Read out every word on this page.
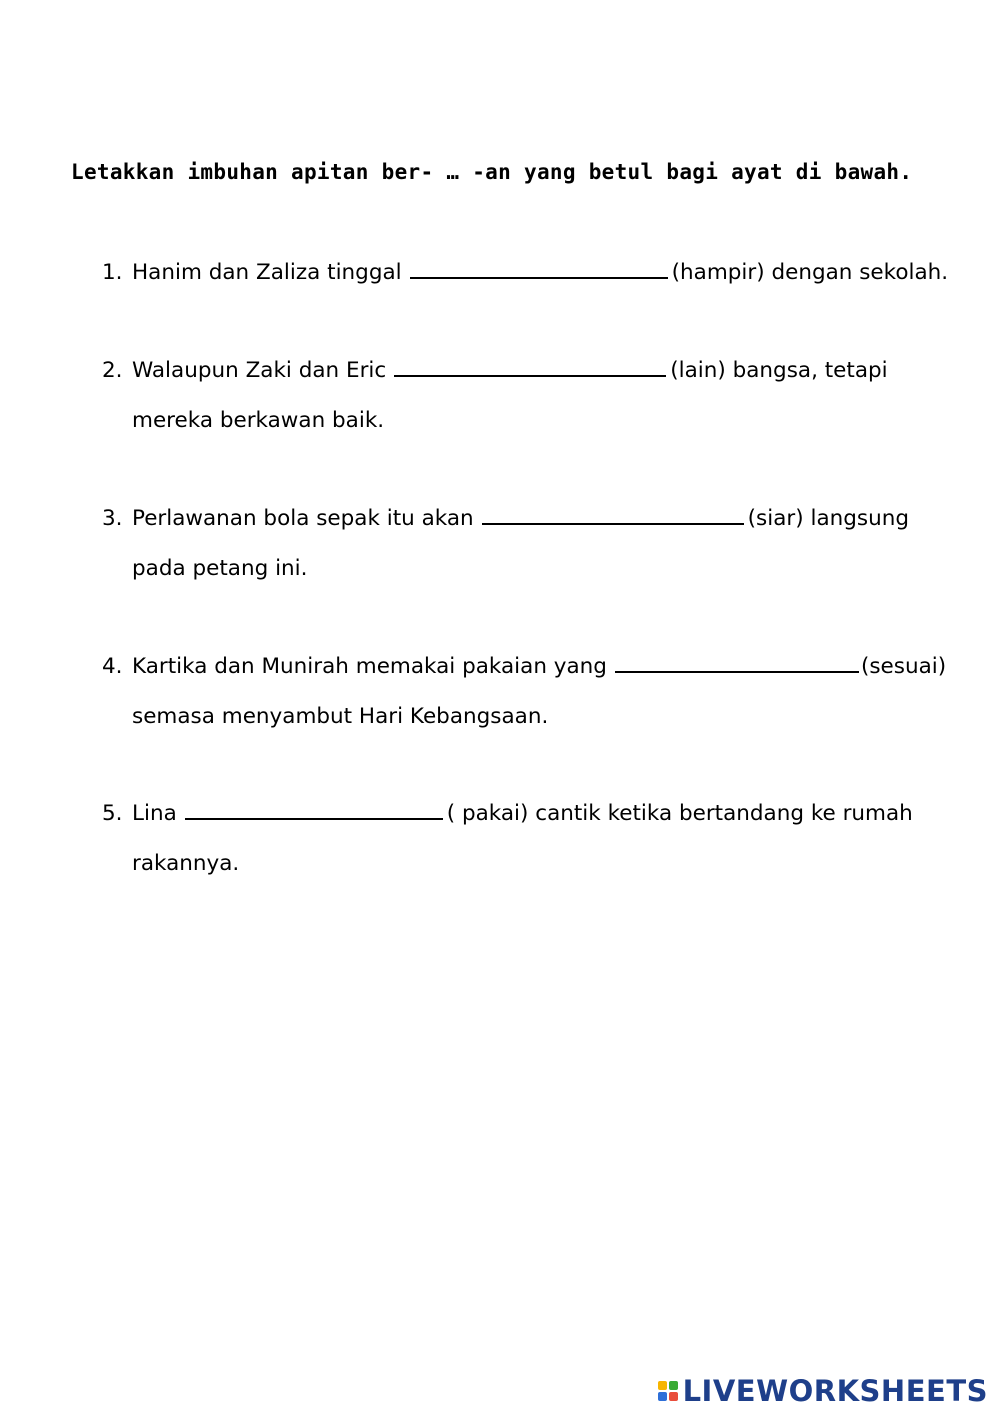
Letakkan imbuhan apitan ber- … -an yang betul bagi ayat di bawah.
1. Hanim dan Zaliza tinggal	(hampir) dengan sekolah.
2. Walaupun Zaki dan Eric	(lain) bangsa, tetapi
mereka berkawan baik.
3. Perlawanan bola sepak itu akan	(siar) langsung
pada petang ini.
4. Kartika dan Munirah memakai pakaian yang	(sesuai)
semasa menyambut Hari Kebangsaan.
5. Lina	( pakai) cantik ketika bertandang ke rumah
rakannya.
LIVEWORKSHEETS
